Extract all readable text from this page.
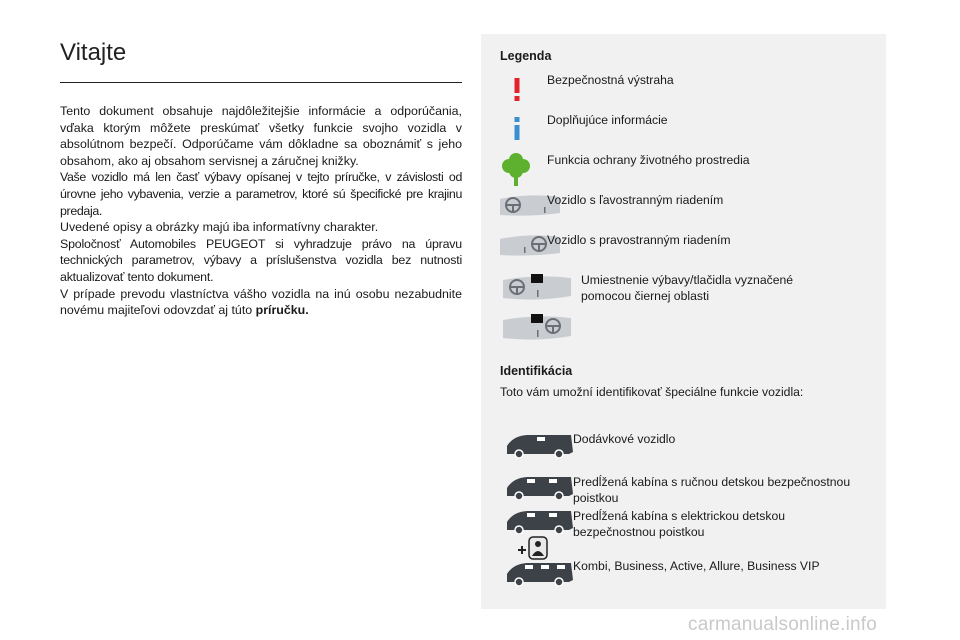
Vitajte

Tento dokument obsahuje najdôležitejšie informácie a odporúčania, vďaka ktorým môžete preskúmať všetky funkcie svojho vozidla v absolútnom bezpečí. Odporúčame vám dôkladne sa oboznámiť s jeho obsahom, ako aj obsahom servisnej a záručnej knižky.

Vaše vozidlo má len časť výbavy opísanej v tejto príručke, v závislosti od úrovne jeho vybavenia, verzie a parametrov, ktoré sú špecifické pre krajinu predaja.

Uvedené opisy a obrázky majú iba informatívny charakter.

Spoločnosť Automobiles PEUGEOT si vyhradzuje právo na úpravu technických parametrov, výbavy a príslušenstva vozidla bez nutnosti aktualizovať tento dokument.

V prípade prevodu vlastníctva vášho vozidla na inú osobu nezabudnite novému majiteľovi odovzdať aj túto príručku.

Legenda
Bezpečnostná výstraha
Doplňujúce informácie
Funkcia ochrany životného prostredia
Vozidlo s ľavostranným riadením
Vozidlo s pravostranným riadením
Umiestnenie výbavy/tlačidla vyznačené
pomocou čiernej oblasti
Identifikácia
Toto vám umožní identifikovať špeciálne funkcie vozidla:
Dodávkové vozidlo
Predĺžená kabína s ručnou detskou bezpečnostnou
poistkou
Predĺžená kabína s elektrickou detskou
bezpečnostnou poistkou
Kombi, Business, Active, Allure, Business VIP
carmanualsonline.info
